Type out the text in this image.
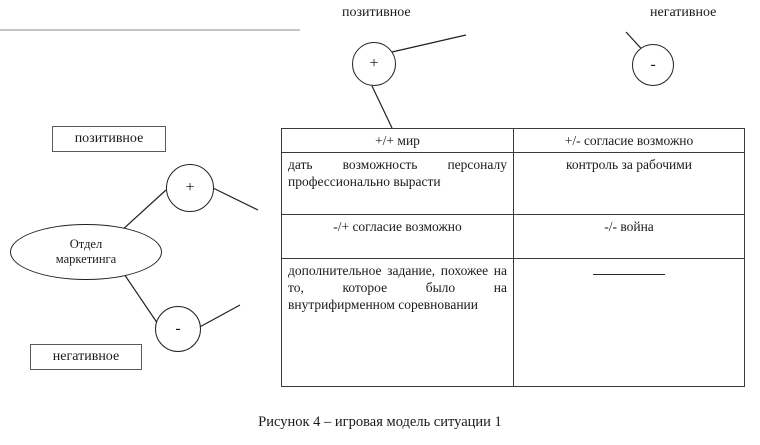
позитивное	негативное
+	-
позитивное
негативное
+
-
Отдел
маркетинга
+/+ мир	+/- согласие возможно
дать возможность персоналу профессионально вырасти	контроль за рабочими
-/+ согласие возможно	-/- война
дополнительное задание, похожее на то, которое было на внутрифирменном соревновании	
Рисунок 4 – игровая модель ситуации 1
